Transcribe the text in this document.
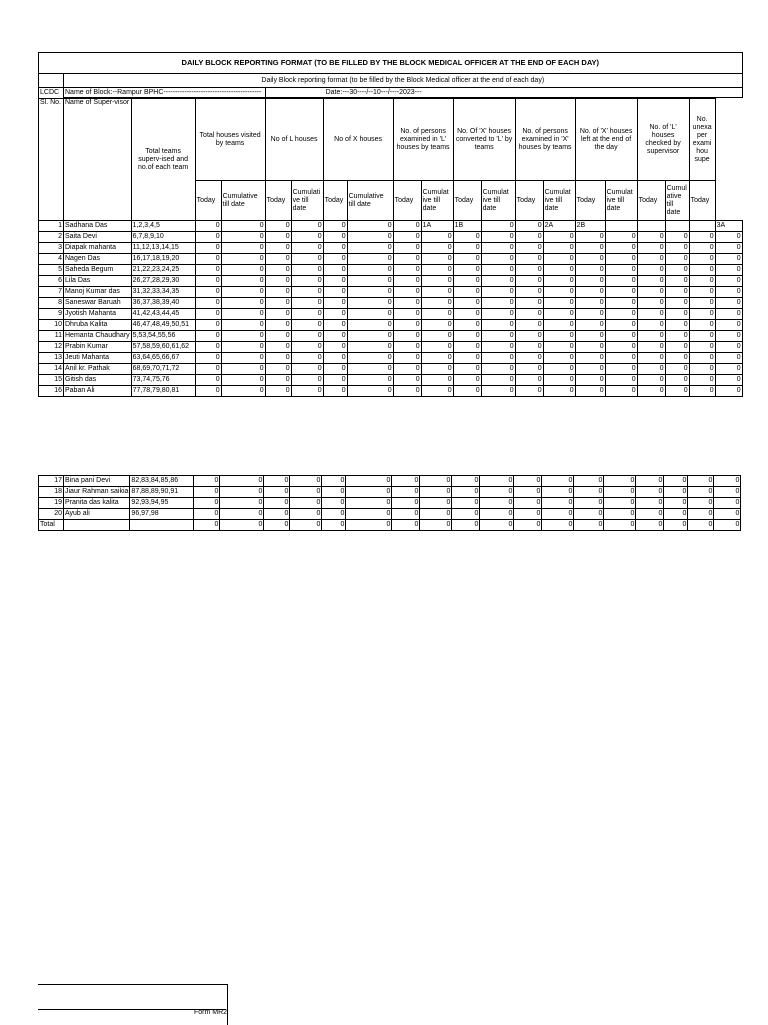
DAILY BLOCK REPORTING FORMAT (TO BE FILLED BY THE BLOCK MEDICAL OFFICER AT THE END OF EACH DAY)																				
	Daily Block reporting format (to be filled by the Block Medical officer at the end of each day)																			
LCDC	Name of Block:--Rampur BPHC------------------------------------------				Date:---30----/--10---/----2023---															

Sl. No.	Name of Super-visor	Total teams superv-ised and no.of each team	Total houses visited by teams		No of L houses		No of X houses		No. of persons examined in 'L' houses by teams		No. Of 'X' houses converted to 'L' by teams		No. of persons examined in 'X' houses by teams		No. of 'X' houses left at the end of the day		No. of 'L' houses checked by supervisor		No. unexa per exami hou supe	
			Today	Cumulative till date	Today	Cumulati ve till date	Today	Cumulative till date	Today	Cumulat ive till date	Today	Cumulat ive till date	Today	Cumulat ive till date	Today	Cumulat ive till date	Today	Cumul ative till date	Today	
1	Sadhana Das	1,2,3,4,5	0	0	0	0	0	0	0	1A	1B	0	0	2A	2B					3A
2	Saita Devi	6,7,8,9,10	0	0	0	0	0	0	0	0	0	0	0	0	0	0	0	0	0	0
3	Diapak mahanta	11,12,13,14,15	0	0	0	0	0	0	0	0	0	0	0	0	0	0	0	0	0	0
4	Nagen Das	16,17,18,19,20	0	0	0	0	0	0	0	0	0	0	0	0	0	0	0	0	0	0
5	Saheda Begum	21,22,23,24,25	0	0	0	0	0	0	0	0	0	0	0	0	0	0	0	0	0	0
6	Lila Das	26,27,28,29,30	0	0	0	0	0	0	0	0	0	0	0	0	0	0	0	0	0	0
7	Manoj Kumar das	31,32,33,34,35	0	0	0	0	0	0	0	0	0	0	0	0	0	0	0	0	0	0
8	Saneswar Baruah	36,37,38,39,40	0	0	0	0	0	0	0	0	0	0	0	0	0	0	0	0	0	0
9	Jyotish Mahanta	41,42,43,44,45	0	0	0	0	0	0	0	0	0	0	0	0	0	0	0	0	0	0
10	Dhruba Kalita	46,47,48,49,50,51	0	0	0	0	0	0	0	0	0	0	0	0	0	0	0	0	0	0
11	Hemanta Chaudhary	5,53,54,55,56	0	0	0	0	0	0	0	0	0	0	0	0	0	0	0	0	0	0
12	Prabin Kumar	57,58,59,60,61,62	0	0	0	0	0	0	0	0	0	0	0	0	0	0	0	0	0	0
13	Jeuti Mahanta	63,64,65,66,67	0	0	0	0	0	0	0	0	0	0	0	0	0	0	0	0	0	0
14	Anil kr. Pathak	68,69,70,71,72	0	0	0	0	0	0	0	0	0	0	0	0	0	0	0	0	0	0
15	Gitish das	73,74,75,76	0	0	0	0	0	0	0	0	0	0	0	0	0	0	0	0	0	0
16	Paban Ali	77,78,79,80,81	0	0	0	0	0	0	0	0	0	0	0	0	0	0	0	0	0	0
17	Bina pani Devi	82,83,84,85,86	0	0	0	0	0	0	0	0	0	0	0	0	0	0	0	0	0	0
18	Jiaur Rahman saikia	87,88,89,90,91	0	0	0	0	0	0	0	0	0	0	0	0	0	0	0	0	0	0
19	Pranita das kalita	92,93,94,95	0	0	0	0	0	0	0	0	0	0	0	0	0	0	0	0	0	0
20	Ayub ali	96,97,98	0	0	0	0	0	0	0	0	0	0	0	0	0	0	0	0	0	0
Total			0	0	0	0	0	0	0	0	0	0	0	0	0	0	0	0	0	0
Form MR2
